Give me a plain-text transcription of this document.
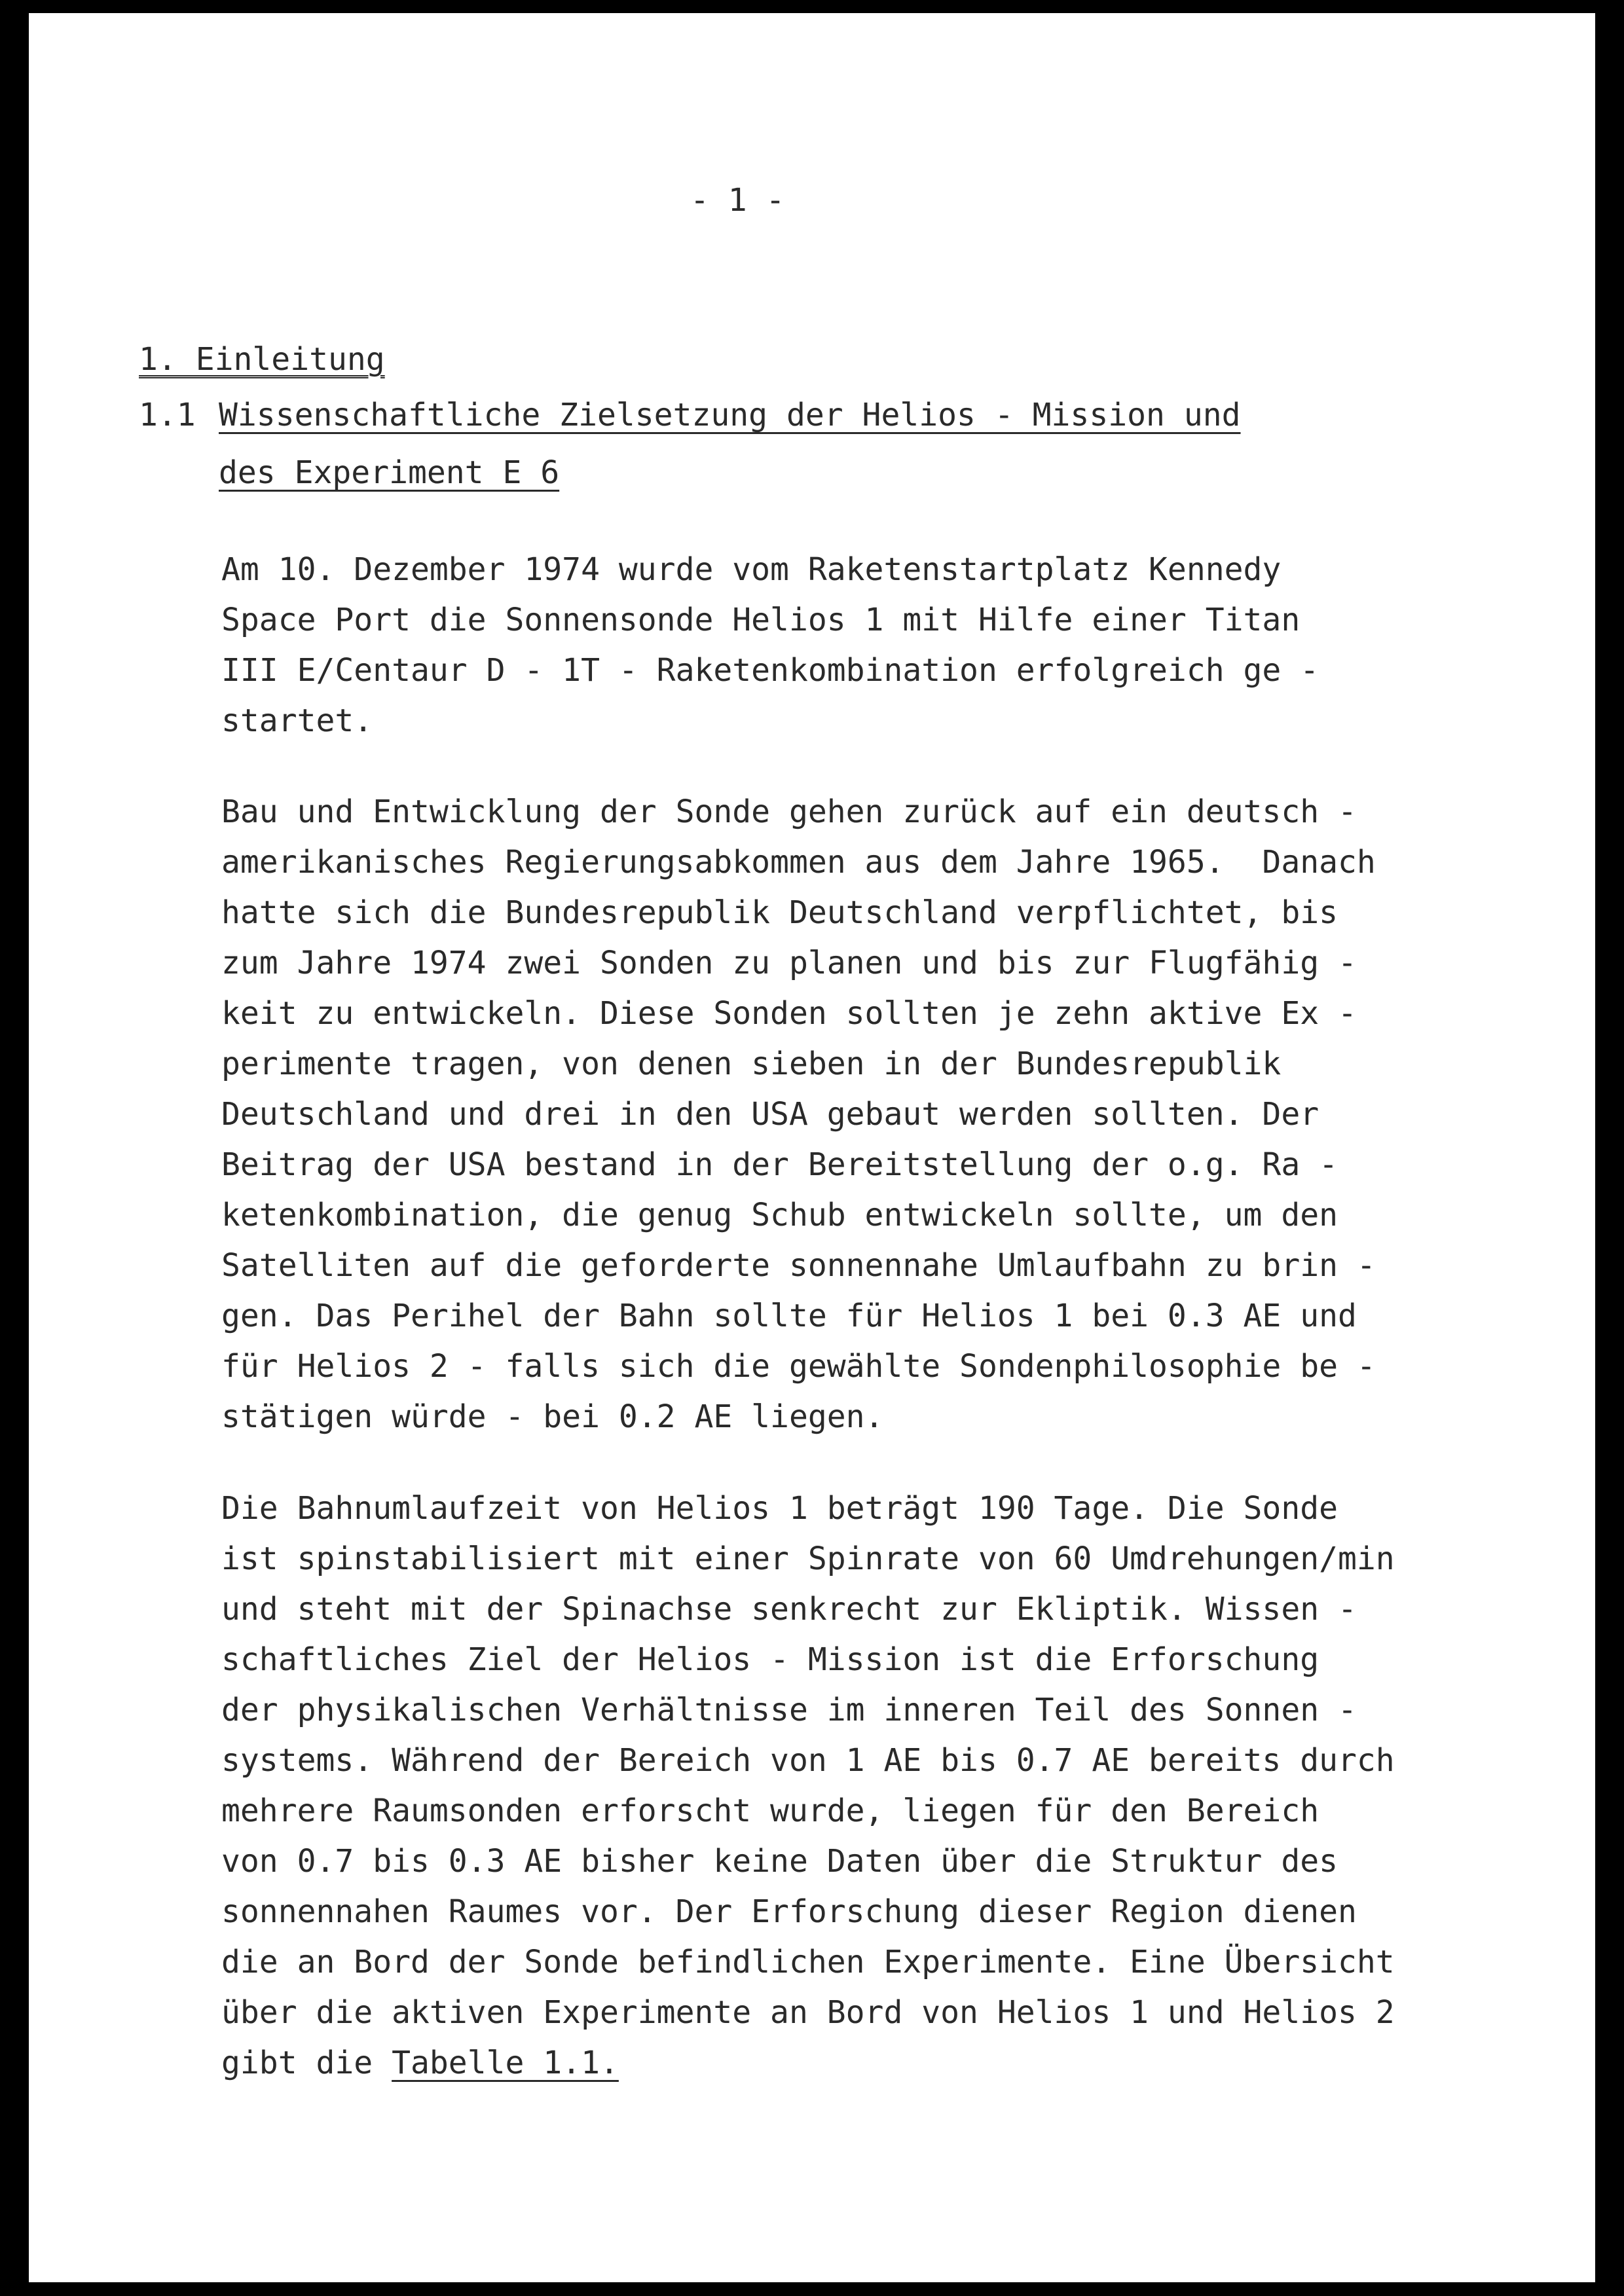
- 1 -
1. Einleitung
1.1 Wissenschaftliche Zielsetzung der Helios - Mission und
des Experiment E 6
Am 10. Dezember 1974 wurde vom Raketenstartplatz Kennedy
Space Port die Sonnensonde Helios 1 mit Hilfe einer Titan
III E/Centaur D - 1T - Raketenkombination erfolgreich ge -
startet.
Bau und Entwicklung der Sonde gehen zurück auf ein deutsch -
amerikanisches Regierungsabkommen aus dem Jahre 1965.  Danach
hatte sich die Bundesrepublik Deutschland verpflichtet, bis
zum Jahre 1974 zwei Sonden zu planen und bis zur Flugfähig -
keit zu entwickeln. Diese Sonden sollten je zehn aktive Ex -
perimente tragen, von denen sieben in der Bundesrepublik
Deutschland und drei in den USA gebaut werden sollten. Der
Beitrag der USA bestand in der Bereitstellung der o.g. Ra -
ketenkombination, die genug Schub entwickeln sollte, um den
Satelliten auf die geforderte sonnennahe Umlaufbahn zu brin -
gen. Das Perihel der Bahn sollte für Helios 1 bei 0.3 AE und
für Helios 2 - falls sich die gewählte Sondenphilosophie be -
stätigen würde - bei 0.2 AE liegen.
Die Bahnumlaufzeit von Helios 1 beträgt 190 Tage. Die Sonde
ist spinstabilisiert mit einer Spinrate von 60 Umdrehungen/min
und steht mit der Spinachse senkrecht zur Ekliptik. Wissen -
schaftliches Ziel der Helios - Mission ist die Erforschung
der physikalischen Verhältnisse im inneren Teil des Sonnen -
systems. Während der Bereich von 1 AE bis 0.7 AE bereits durch
mehrere Raumsonden erforscht wurde, liegen für den Bereich
von 0.7 bis 0.3 AE bisher keine Daten über die Struktur des
sonnennahen Raumes vor. Der Erforschung dieser Region dienen
die an Bord der Sonde befindlichen Experimente. Eine Übersicht
über die aktiven Experimente an Bord von Helios 1 und Helios 2
gibt die Tabelle 1.1.
